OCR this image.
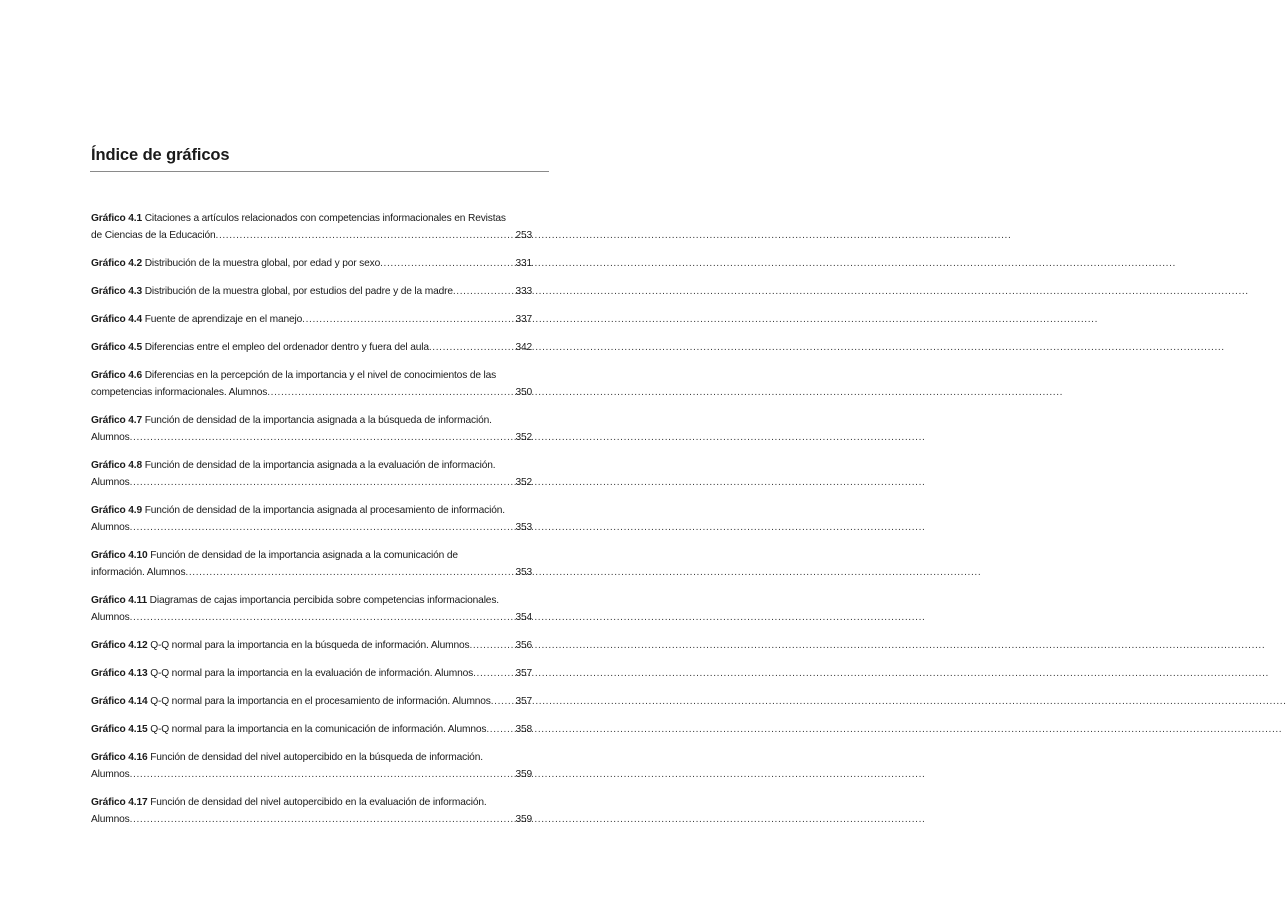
Índice de gráficos
Gráfico 4.1 Citaciones a artículos relacionados con competencias informacionales en Revistas
de Ciencias de la Educación .....	253
Gráfico 4.2 Distribución de la muestra global, por edad y por sexo .....	331
Gráfico 4.3 Distribución de la muestra global, por estudios del padre y de la madre .....	333
Gráfico 4.4 Fuente de aprendizaje en el manejo .....	337
Gráfico 4.5 Diferencias entre el empleo del ordenador dentro y fuera del aula .....	342
Gráfico 4.6 Diferencias en la percepción de la importancia y el nivel de conocimientos de las
competencias informacionales. Alumnos .....	350
Gráfico 4.7 Función de densidad de la importancia asignada a la búsqueda de información.
Alumnos .....	352
Gráfico 4.8 Función de densidad de la importancia asignada a la evaluación de información.
Alumnos .....	352
Gráfico 4.9 Función de densidad de la importancia asignada al procesamiento de información.
Alumnos .....	353
Gráfico 4.10 Función de densidad de la importancia asignada a la comunicación de
información. Alumnos .....	353
Gráfico 4.11 Diagramas de cajas importancia percibida sobre competencias informacionales.
Alumnos .....	354
Gráfico 4.12 Q-Q normal para la importancia en la búsqueda de información. Alumnos .....	356
Gráfico 4.13 Q-Q normal para la importancia en la evaluación de información. Alumnos .....	357
Gráfico 4.14 Q-Q normal para la importancia en el procesamiento de información. Alumnos ..... 357
Gráfico 4.15 Q-Q normal para la importancia en la comunicación de información. Alumnos .....	358
Gráfico 4.16 Función de densidad del nivel autopercibido en la búsqueda de información.
Alumnos .....	359
Gráfico 4.17 Función de densidad del nivel autopercibido en la evaluación de información.
Alumnos .....	359
